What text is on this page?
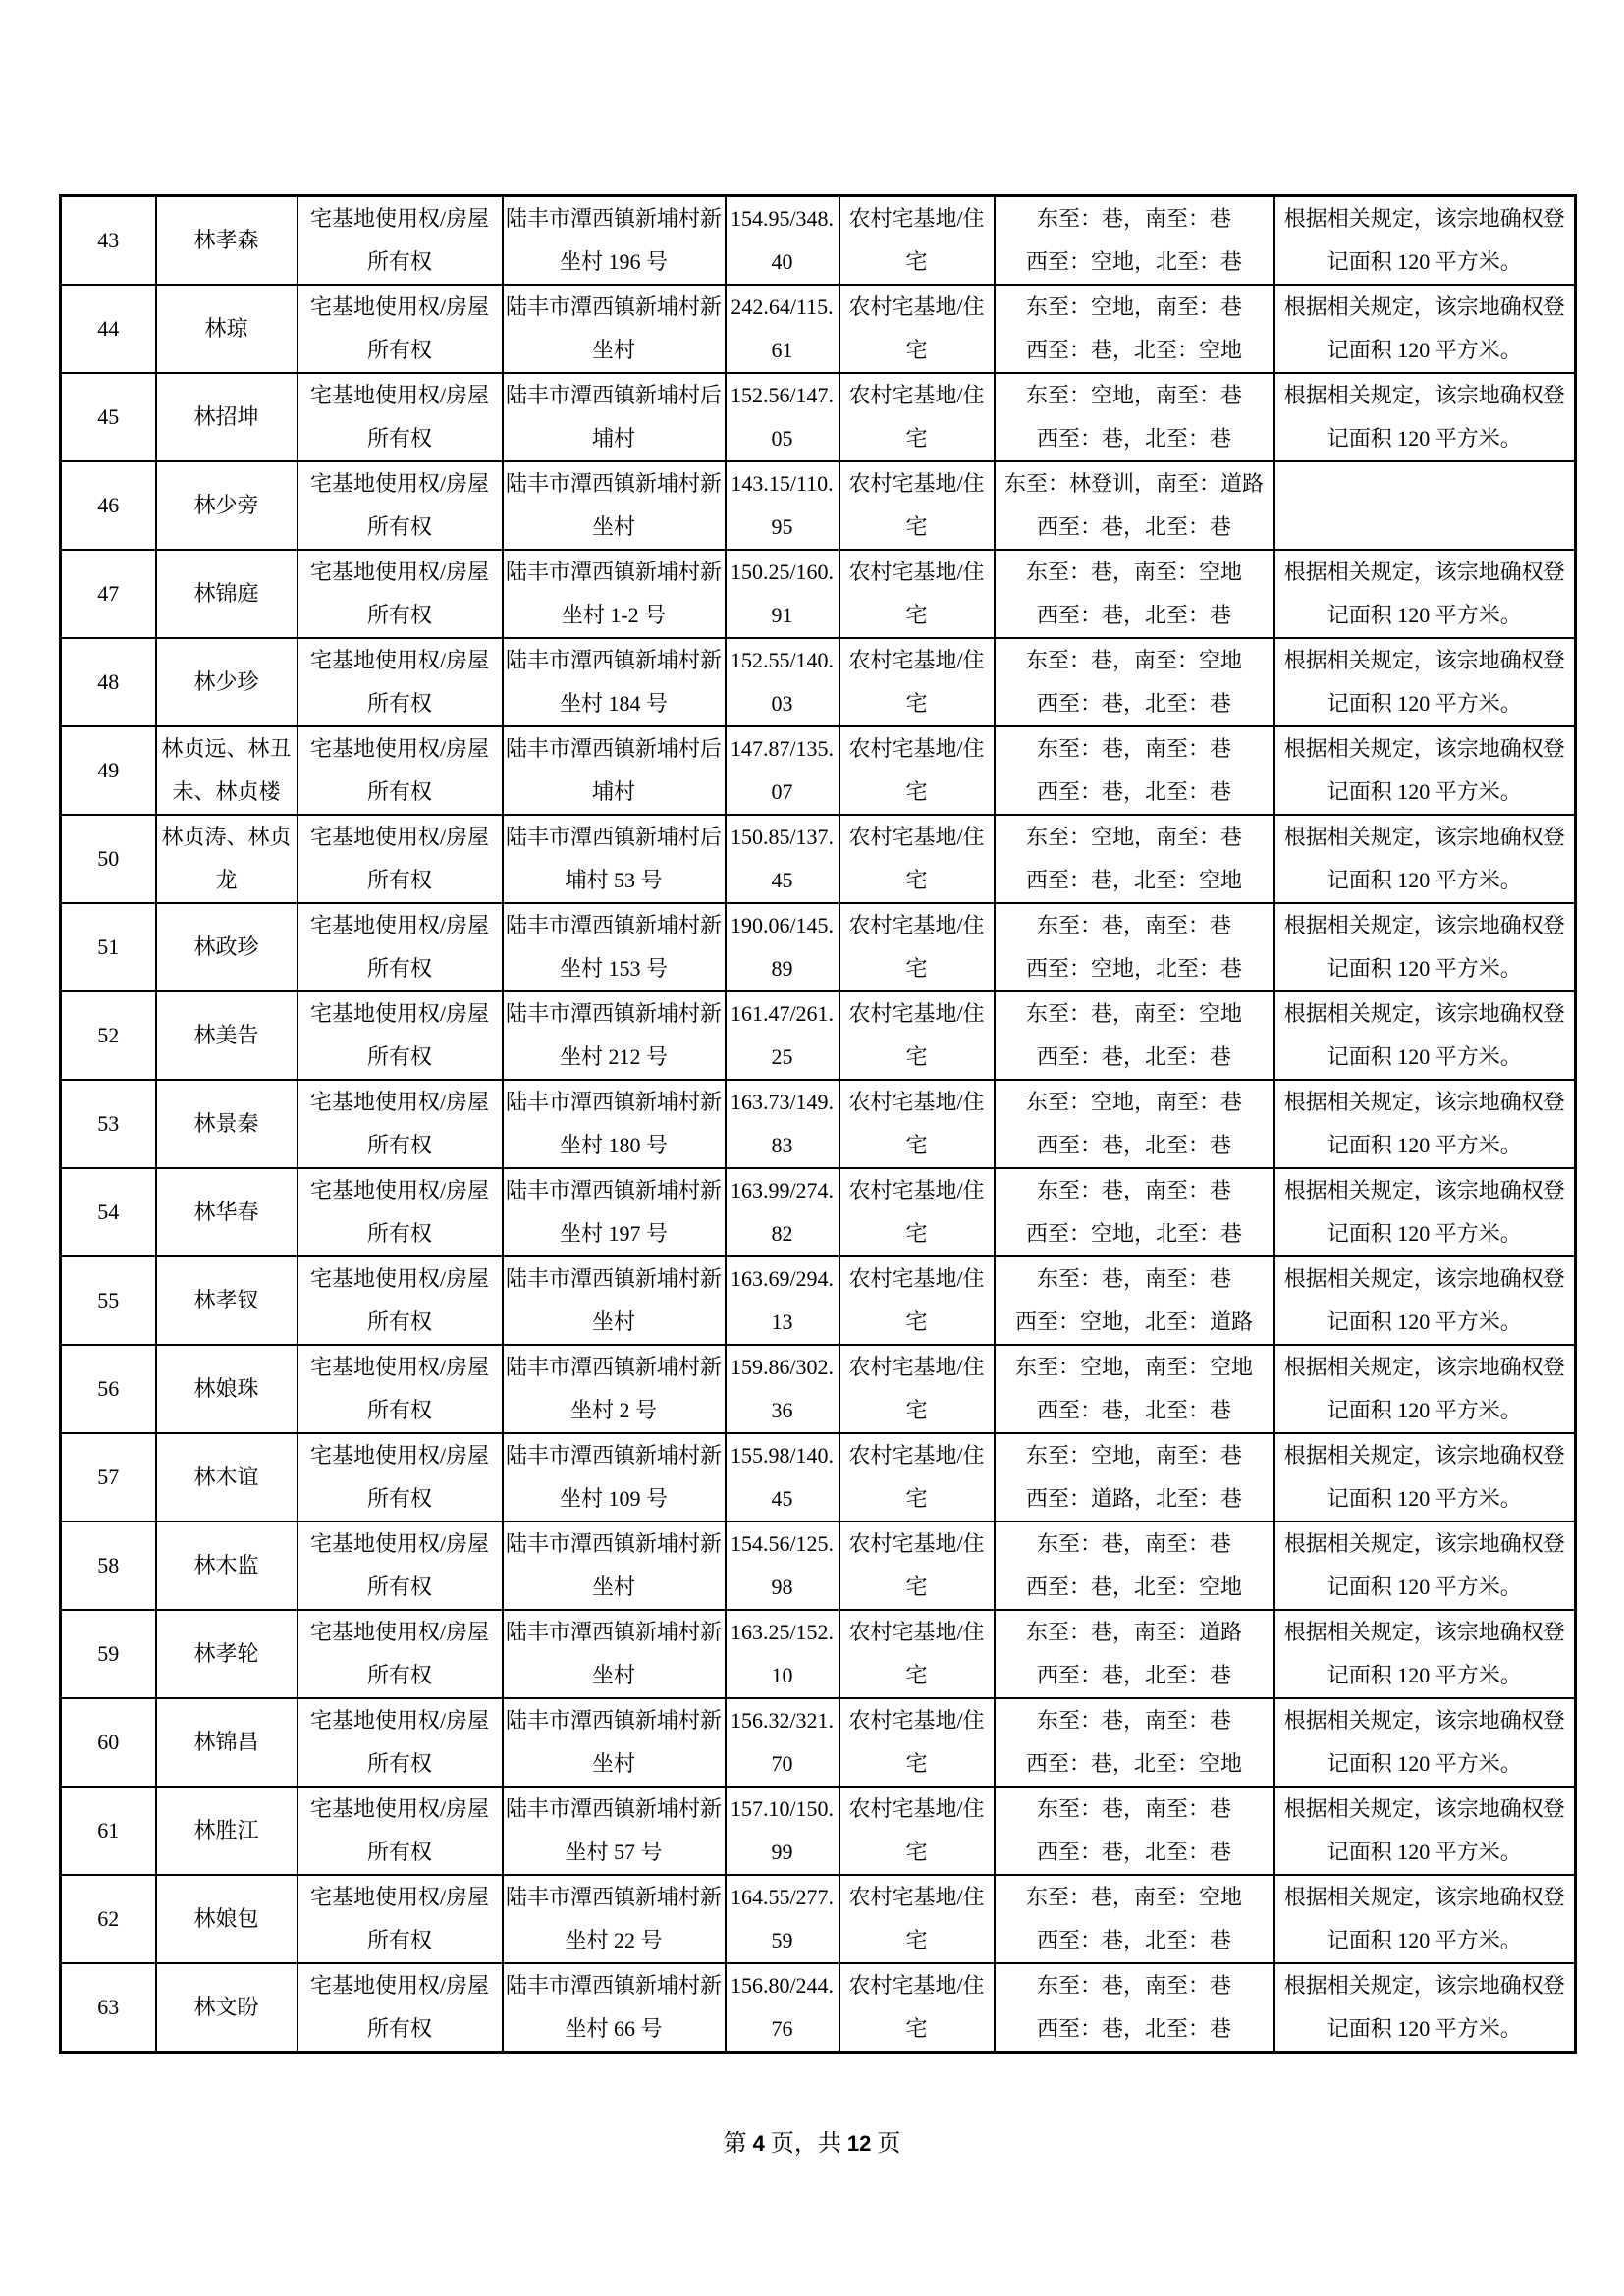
43	林孝森	宅基地使用权/房屋所有权	陆丰市潭西镇新埔村新坐村 196 号	154.95/348.40	农村宅基地/住宅	东至：巷，南至：巷
西至：空地，北至：巷	根据相关规定，该宗地确权登记面积 120 平方米。
44	林琼	宅基地使用权/房屋所有权	陆丰市潭西镇新埔村新坐村	242.64/115.61	农村宅基地/住宅	东至：空地，南至：巷
西至：巷，北至：空地	根据相关规定，该宗地确权登记面积 120 平方米。
45	林招坤	宅基地使用权/房屋所有权	陆丰市潭西镇新埔村后埔村	152.56/147.05	农村宅基地/住宅	东至：空地，南至：巷
西至：巷，北至：巷	根据相关规定，该宗地确权登记面积 120 平方米。
46	林少旁	宅基地使用权/房屋所有权	陆丰市潭西镇新埔村新坐村	143.15/110.95	农村宅基地/住宅	东至：林登训，南至：道路
西至：巷，北至：巷	

47	林锦庭	宅基地使用权/房屋所有权	陆丰市潭西镇新埔村新坐村 1-2 号	150.25/160.91	农村宅基地/住宅	东至：巷，南至：空地
西至：巷，北至：巷	根据相关规定，该宗地确权登记面积 120 平方米。
48	林少珍	宅基地使用权/房屋所有权	陆丰市潭西镇新埔村新坐村 184 号	152.55/140.03	农村宅基地/住宅	东至：巷，南至：空地
西至：巷，北至：巷	根据相关规定，该宗地确权登记面积 120 平方米。
49	林贞远、林丑未、林贞楼	宅基地使用权/房屋所有权	陆丰市潭西镇新埔村后埔村	147.87/135.07	农村宅基地/住宅	东至：巷，南至：巷
西至：巷，北至：巷	根据相关规定，该宗地确权登记面积 120 平方米。
50	林贞涛、林贞龙	宅基地使用权/房屋所有权	陆丰市潭西镇新埔村后埔村 53 号	150.85/137.45	农村宅基地/住宅	东至：空地，南至：巷
西至：巷，北至：空地	根据相关规定，该宗地确权登记面积 120 平方米。
51	林政珍	宅基地使用权/房屋所有权	陆丰市潭西镇新埔村新坐村 153 号	190.06/145.89	农村宅基地/住宅	东至：巷，南至：巷
西至：空地，北至：巷	根据相关规定，该宗地确权登记面积 120 平方米。
52	林美告	宅基地使用权/房屋所有权	陆丰市潭西镇新埔村新坐村 212 号	161.47/261.25	农村宅基地/住宅	东至：巷，南至：空地
西至：巷，北至：巷	根据相关规定，该宗地确权登记面积 120 平方米。
53	林景秦	宅基地使用权/房屋所有权	陆丰市潭西镇新埔村新坐村 180 号	163.73/149.83	农村宅基地/住宅	东至：空地，南至：巷
西至：巷，北至：巷	根据相关规定，该宗地确权登记面积 120 平方米。
54	林华春	宅基地使用权/房屋所有权	陆丰市潭西镇新埔村新坐村 197 号	163.99/274.82	农村宅基地/住宅	东至：巷，南至：巷
西至：空地，北至：巷	根据相关规定，该宗地确权登记面积 120 平方米。
55	林孝钗	宅基地使用权/房屋所有权	陆丰市潭西镇新埔村新坐村	163.69/294.13	农村宅基地/住宅	东至：巷，南至：巷
西至：空地，北至：道路	根据相关规定，该宗地确权登记面积 120 平方米。
56	林娘珠	宅基地使用权/房屋所有权	陆丰市潭西镇新埔村新坐村 2 号	159.86/302.36	农村宅基地/住宅	东至：空地，南至：空地
西至：巷，北至：巷	根据相关规定，该宗地确权登记面积 120 平方米。
57	林木谊	宅基地使用权/房屋所有权	陆丰市潭西镇新埔村新坐村 109 号	155.98/140.45	农村宅基地/住宅	东至：空地，南至：巷
西至：道路，北至：巷	根据相关规定，该宗地确权登记面积 120 平方米。
58	林木监	宅基地使用权/房屋所有权	陆丰市潭西镇新埔村新坐村	154.56/125.98	农村宅基地/住宅	东至：巷，南至：巷
西至：巷，北至：空地	根据相关规定，该宗地确权登记面积 120 平方米。
59	林孝轮	宅基地使用权/房屋所有权	陆丰市潭西镇新埔村新坐村	163.25/152.10	农村宅基地/住宅	东至：巷，南至：道路
西至：巷，北至：巷	根据相关规定，该宗地确权登记面积 120 平方米。
60	林锦昌	宅基地使用权/房屋所有权	陆丰市潭西镇新埔村新坐村	156.32/321.70	农村宅基地/住宅	东至：巷，南至：巷
西至：巷，北至：空地	根据相关规定，该宗地确权登记面积 120 平方米。
61	林胜江	宅基地使用权/房屋所有权	陆丰市潭西镇新埔村新坐村 57 号	157.10/150.99	农村宅基地/住宅	东至：巷，南至：巷
西至：巷，北至：巷	根据相关规定，该宗地确权登记面积 120 平方米。
62	林娘包	宅基地使用权/房屋所有权	陆丰市潭西镇新埔村新坐村 22 号	164.55/277.59	农村宅基地/住宅	东至：巷，南至：空地
西至：巷，北至：巷	根据相关规定，该宗地确权登记面积 120 平方米。
63	林文盼	宅基地使用权/房屋所有权	陆丰市潭西镇新埔村新坐村 66 号	156.80/244.76	农村宅基地/住宅	东至：巷，南至：巷
西至：巷，北至：巷	根据相关规定，该宗地确权登记面积 120 平方米。
第 4 页，共 12 页
